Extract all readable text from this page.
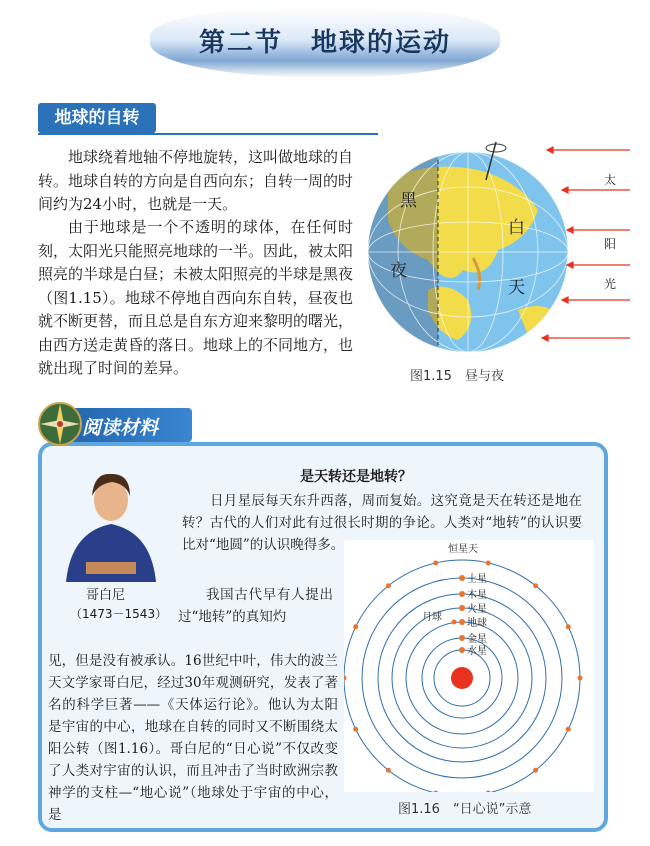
第二节　地球的运动
地球的自转

地球绕着地轴不停地旋转，这叫做地球的自转。地球自转的方向是自西向东；自转一周的时间约为24小时，也就是一天。

由于地球是一个不透明的球体，在任何时刻，太阳光只能照亮地球的一半。因此，被太阳照亮的半球是白昼；未被太阳照亮的半球是黑夜（图1.15）。地球不停地自西向东自转，昼夜也就不断更替，而且总是自东方迎来黎明的曙光，由西方送走黄昏的落日。地球上的不同地方，也就出现了时间的差异。

黑
夜
白
天
太
阳
光
图1.15　昼与夜
阅读材料
是天转还是地转？
哥白尼
（1473－1543）

日月星辰每天东升西落，周而复始。这究竟是天在转还是地在转？古代的人们对此有过很长时期的争论。人类对“地转”的认识要比对“地圆”的认识晚得多。

我国古代早有人提出过“地转”的真知灼

见，但是没有被承认。16世纪中叶，伟大的波兰天文学家哥白尼，经过30年观测研究，发表了著名的科学巨著——《天体运行论》。他认为太阳是宇宙的中心，地球在自转的同时又不断围绕太阳公转（图1.16）。哥白尼的“日心说”不仅改变了人类对宇宙的认识，而且冲击了当时欧洲宗教神学的支柱—“地心说”（地球处于宇宙的中心，是

土星
木星
火星
地球
金星
水星
月球
恒星天
图1.16　“日心说”示意
